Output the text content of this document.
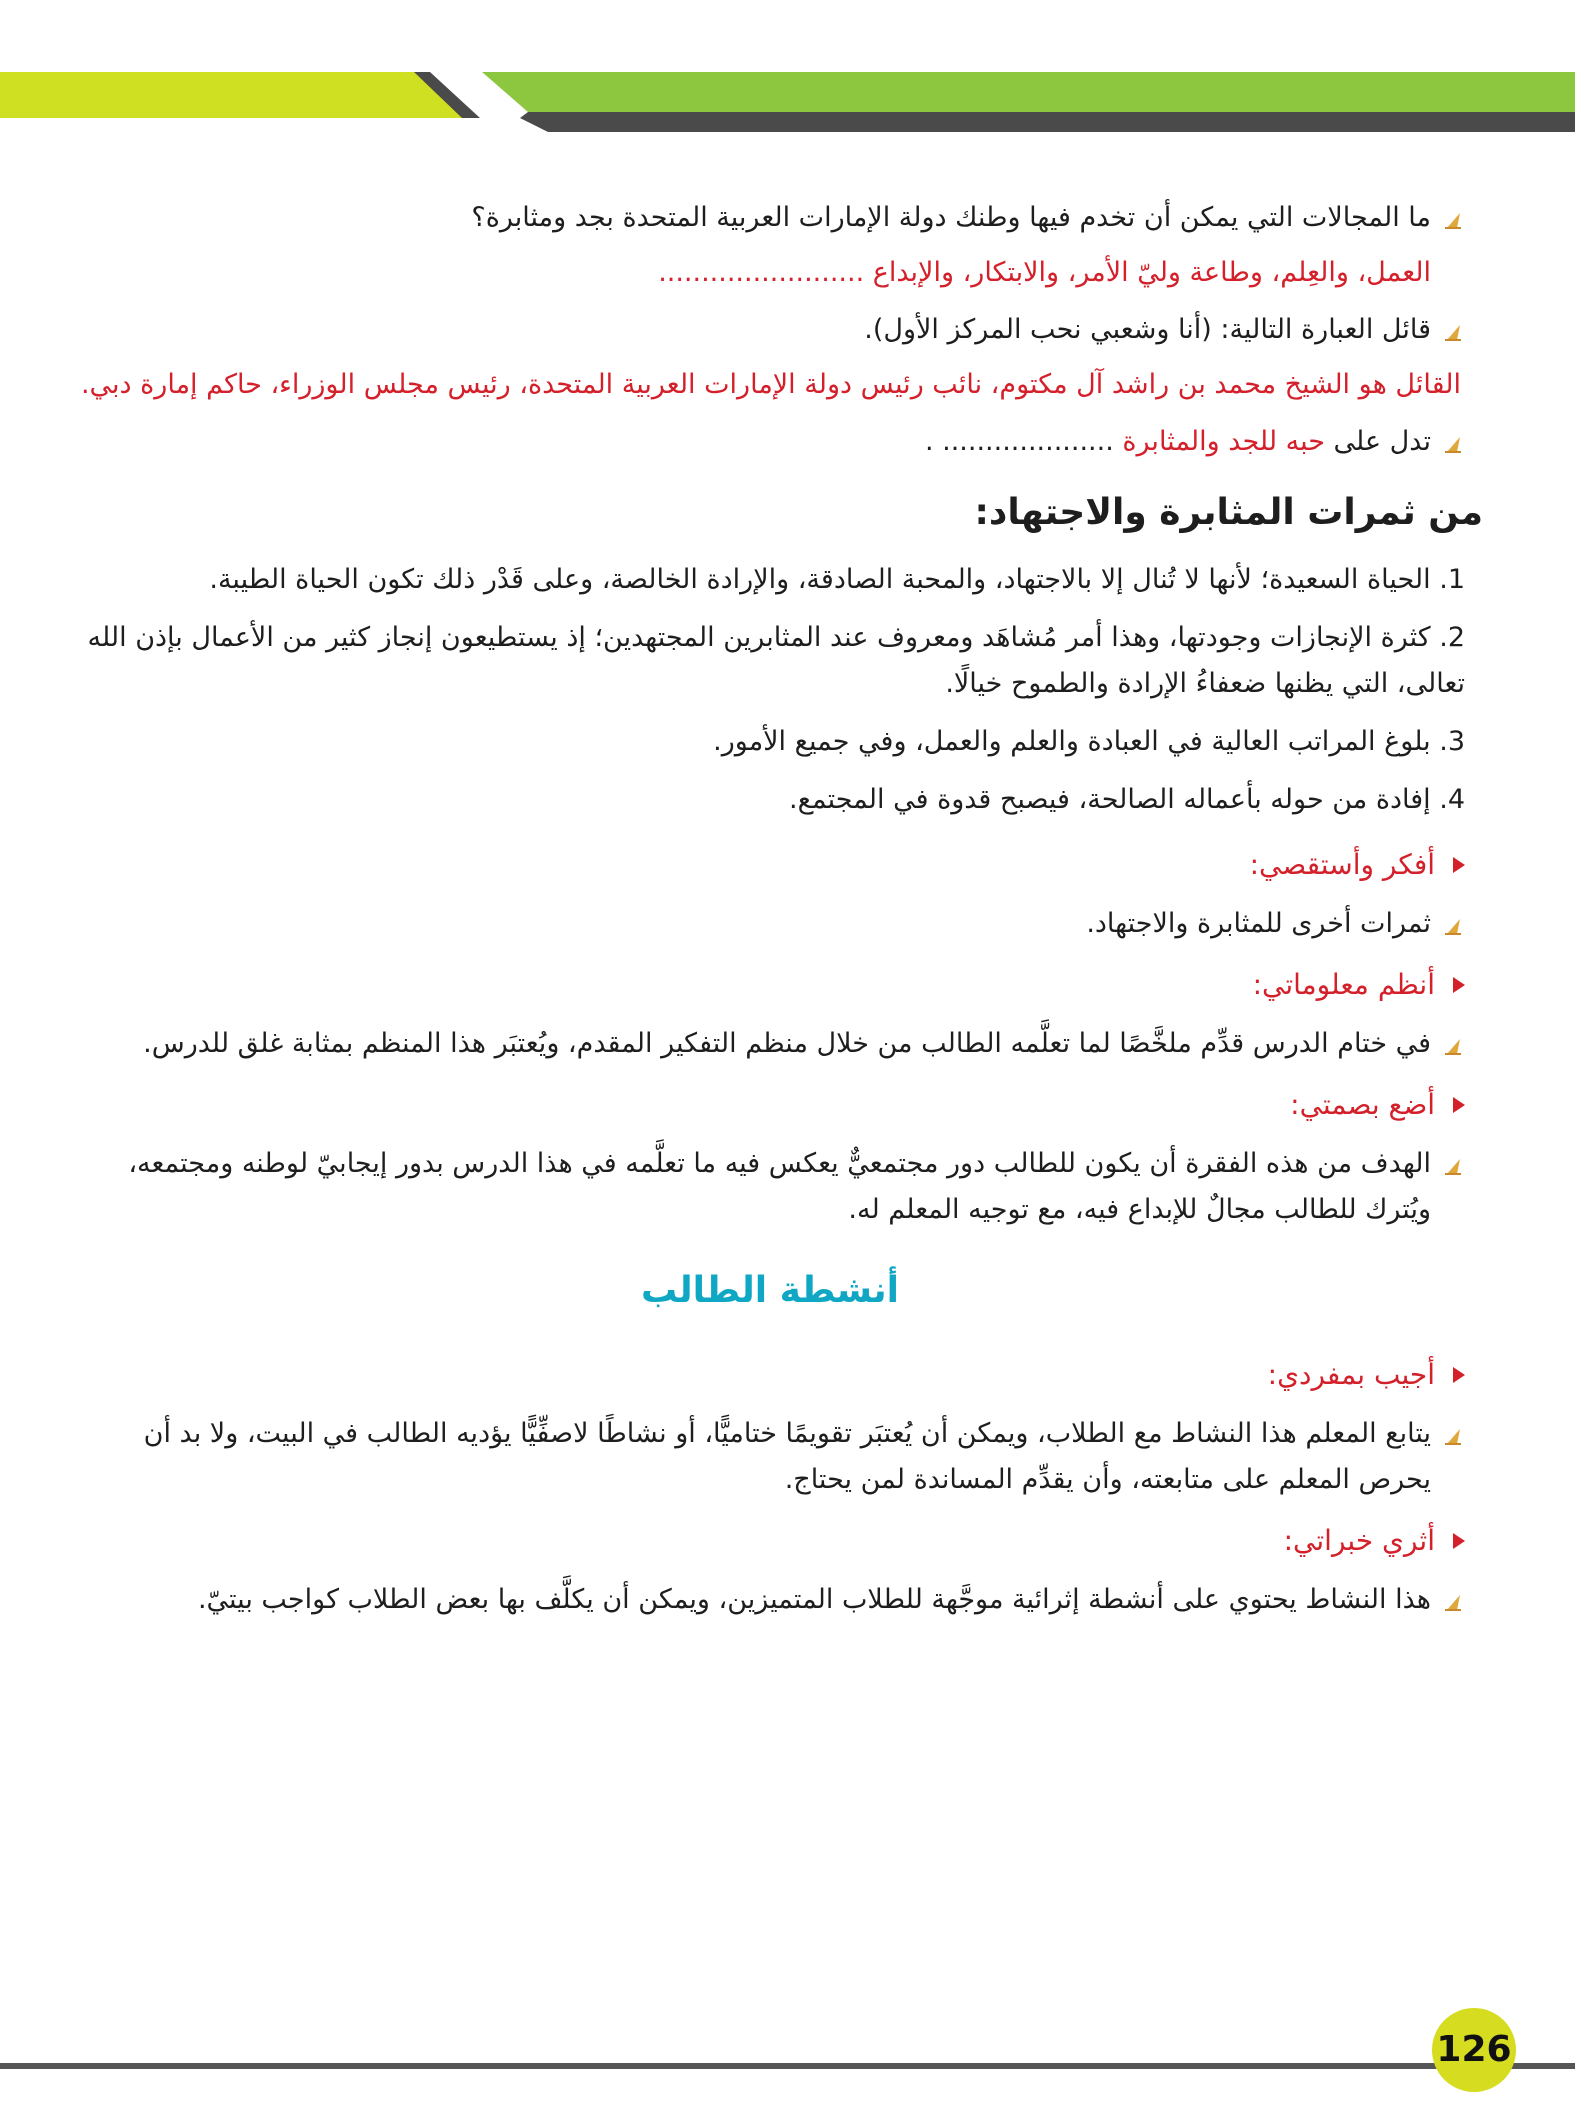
ما المجالات التي يمكن أن تخدم فيها وطنك دولة الإمارات العربية المتحدة بجد ومثابرة؟
العمل، والعِلم، وطاعة وليّ الأمر، والابتكار، والإبداع ........................
قائل العبارة التالية: (أنا وشعبي نحب المركز الأول).
القائل هو الشيخ محمد بن راشد آل مكتوم، نائب رئيس دولة الإمارات العربية المتحدة، رئيس مجلس الوزراء، حاكم إمارة دبي.
تدل على حبه للجد والمثابرة .................... .
من ثمرات المثابرة والاجتهاد:
1. الحياة السعيدة؛ لأنها لا تُنال إلا بالاجتهاد، والمحبة الصادقة، والإرادة الخالصة، وعلى قَدْر ذلك تكون الحياة الطيبة.
2. كثرة الإنجازات وجودتها، وهذا أمر مُشاهَد ومعروف عند المثابرين المجتهدين؛ إذ يستطيعون إنجاز كثير من الأعمال بإذن الله تعالى، التي يظنها ضعفاءُ الإرادة والطموح خيالًا.
3. بلوغ المراتب العالية في العبادة والعلم والعمل، وفي جميع الأمور.
4. إفادة من حوله بأعماله الصالحة، فيصبح قدوة في المجتمع.
أفكر وأستقصي:
ثمرات أخرى للمثابرة والاجتهاد.
أنظم معلوماتي:
في ختام الدرس قدِّم ملخَّصًا لما تعلَّمه الطالب من خلال منظم التفكير المقدم، ويُعتبَر هذا المنظم بمثابة غلق للدرس.
أضع بصمتي:
الهدف من هذه الفقرة أن يكون للطالب دور مجتمعيٌّ يعكس فيه ما تعلَّمه في هذا الدرس بدور إيجابيّ لوطنه ومجتمعه، ويُترك للطالب مجالٌ للإبداع فيه، مع توجيه المعلم له.
أنشطة الطالب
أجيب بمفردي:
يتابع المعلم هذا النشاط مع الطلاب، ويمكن أن يُعتبَر تقويمًا ختاميًّا، أو نشاطًا لاصفِّيًّا يؤديه الطالب في البيت، ولا بد أن يحرص المعلم على متابعته، وأن يقدِّم المساندة لمن يحتاج.
أثري خبراتي:
هذا النشاط يحتوي على أنشطة إثرائية موجَّهة للطلاب المتميزين، ويمكن أن يكلَّف بها بعض الطلاب كواجب بيتيّ.
126
